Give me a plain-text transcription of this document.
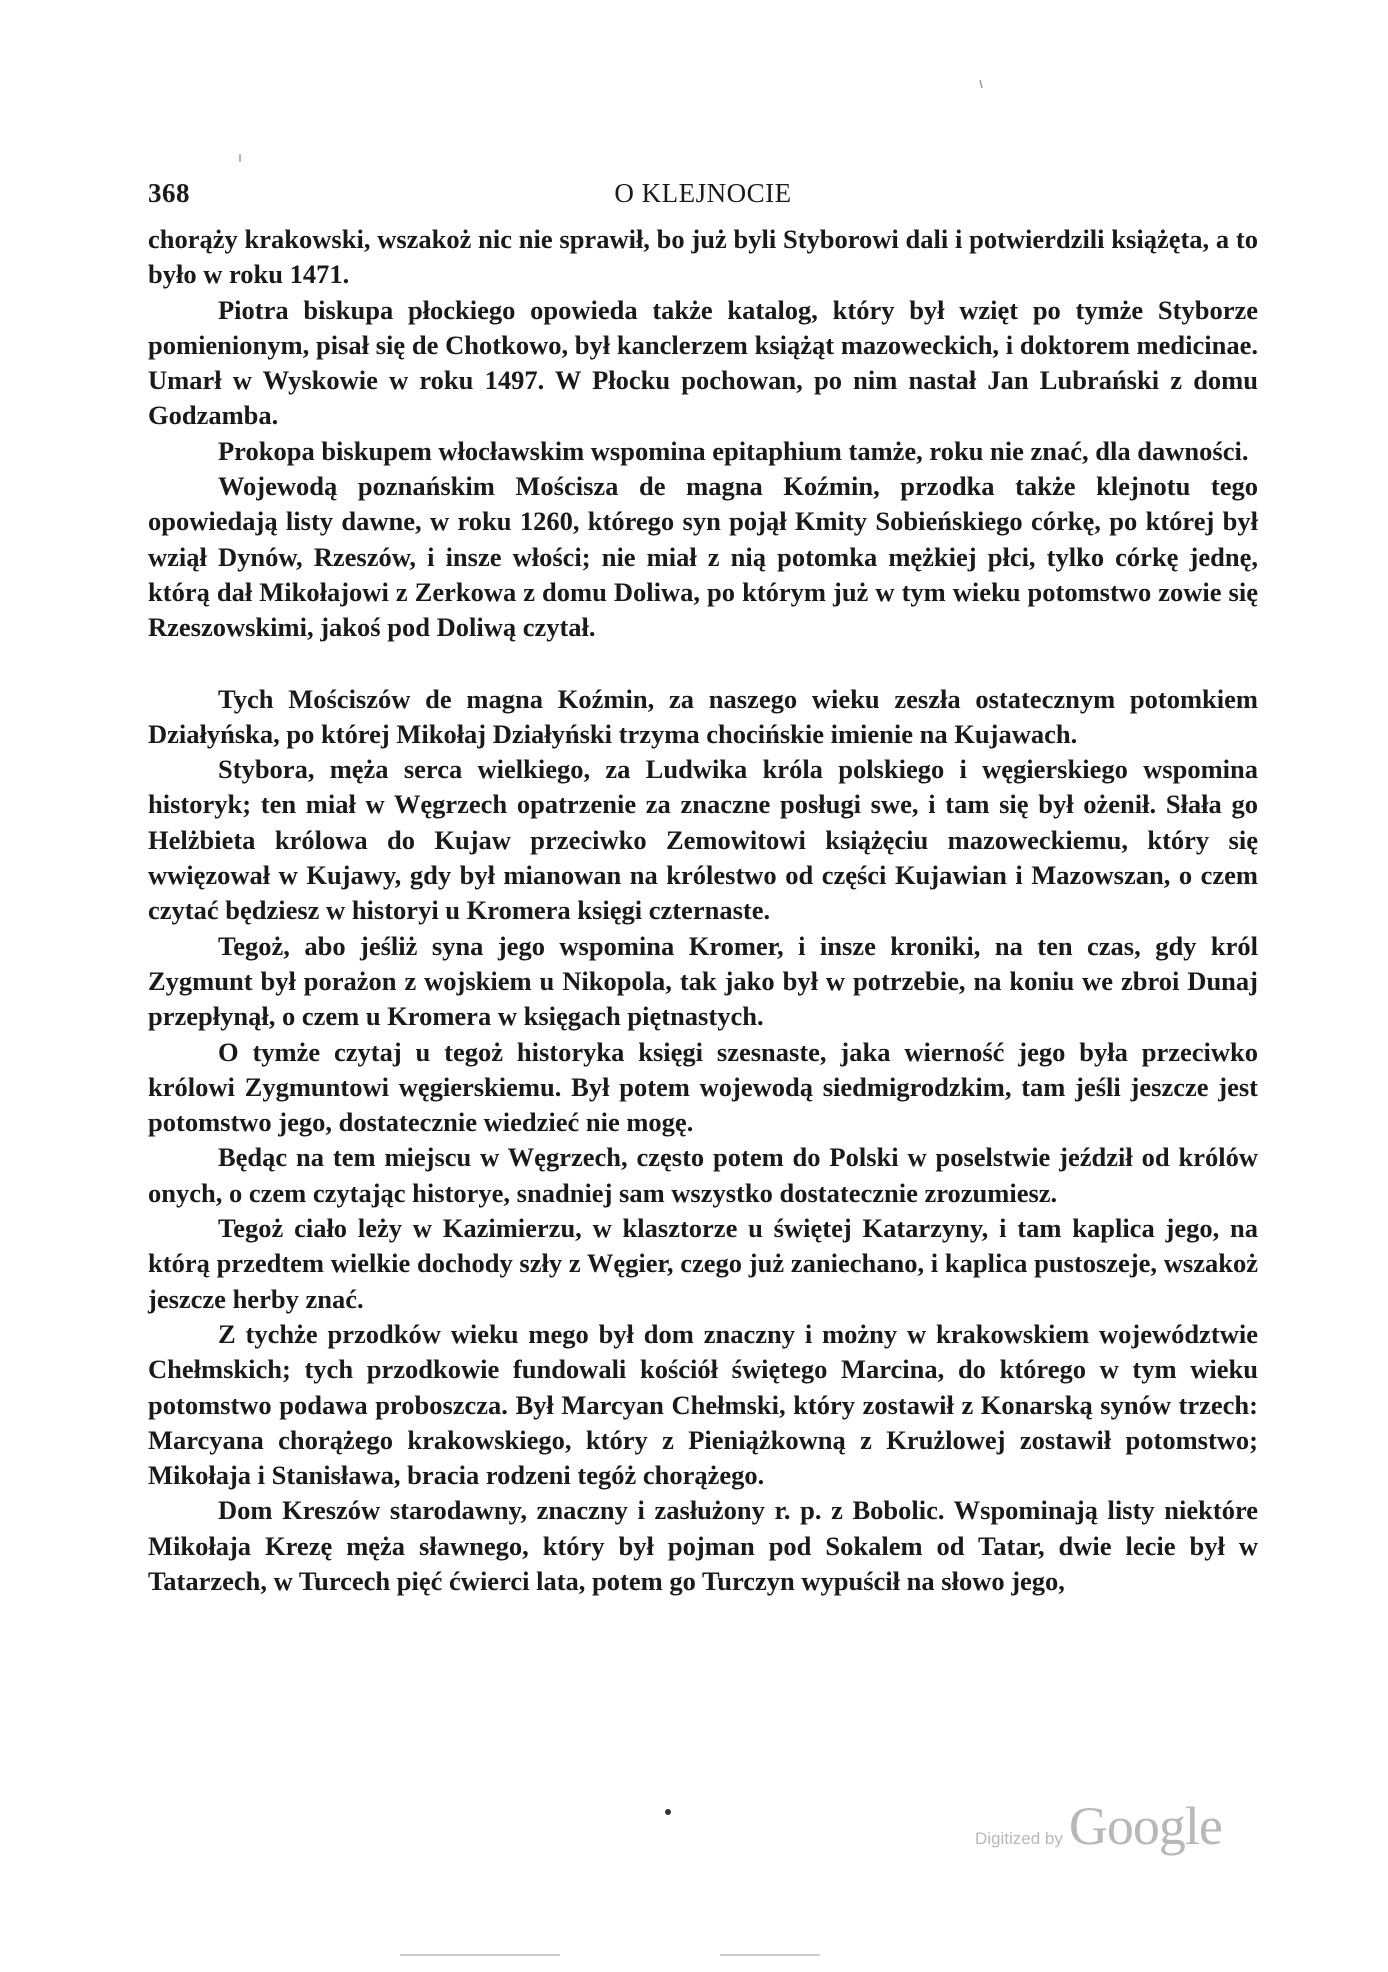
O KLEJNOCIE
368

chorąży krakowski, wszakoż nic nie sprawił, bo już byli Styborowi dali i potwierdzili książęta, a to było w roku 1471.

Piotra biskupa płockiego opowieda także katalog, który był wzięt po tymże Styborze pomienionym, pisał się de Chotkowo, był kanclerzem książąt mazoweckich, i doktorem medicinae. Umarł w Wyskowie w roku 1497. W Płocku pochowan, po nim nastał Jan Lubrański z domu Godzamba.

Prokopa biskupem włocławskim wspomina epitaphium tamże, roku nie znać, dla dawności.

Wojewodą poznańskim Mościsza de magna Koźmin, przodka także klejnotu tego opowiedają listy dawne, w roku 1260, którego syn pojął Kmity Sobieńskiego córkę, po której był wziął Dynów, Rzeszów, i insze włości; nie miał z nią potomka mężkiej płci, tylko córkę jednę, którą dał Mikołajowi z Zerkowa z domu Doliwa, po którym już w tym wieku potomstwo zowie się Rzeszowskimi, jakoś pod Doliwą czytał.

Tych Mościszów de magna Koźmin, za naszego wieku zeszła ostatecznym potomkiem Działyńska, po której Mikołaj Działyński trzyma chocińskie imienie na Kujawach.

Stybora, męża serca wielkiego, za Ludwika króla polskiego i węgierskiego wspomina historyk; ten miał w Węgrzech opatrzenie za znaczne posługi swe, i tam się był ożenił. Słała go Helżbieta królowa do Kujaw przeciwko Zemowitowi książęciu mazoweckiemu, który się wwięzował w Kujawy, gdy był mianowan na królestwo od części Kujawian i Mazowszan, o czem czytać będziesz w historyi u Kromera księgi czternaste.

Tegoż, abo jeśliż syna jego wspomina Kromer, i insze kroniki, na ten czas, gdy król Zygmunt był porażon z wojskiem u Nikopola, tak jako był w potrzebie, na koniu we zbroi Dunaj przepłynął, o czem u Kromera w księgach piętnastych.

O tymże czytaj u tegoż historyka księgi szesnaste, jaka wierność jego była przeciwko królowi Zygmuntowi węgierskiemu. Był potem wojewodą siedmigrodzkim, tam jeśli jeszcze jest potomstwo jego, dostatecznie wiedzieć nie mogę.

Będąc na tem miejscu w Węgrzech, często potem do Polski w poselstwie jeździł od królów onych, o czem czytając historye, snadniej sam wszystko dostatecznie zrozumiesz.

Tegoż ciało leży w Kazimierzu, w klasztorze u świętej Katarzyny, i tam kaplica jego, na którą przedtem wielkie dochody szły z Węgier, czego już zaniechano, i kaplica pustoszeje, wszakoż jeszcze herby znać.

Z tychże przodków wieku mego był dom znaczny i możny w krakowskiem województwie Chełmskich; tych przodkowie fundowali kościół świętego Marcina, do którego w tym wieku potomstwo podawa proboszcza. Był Marcyan Chełmski, który zostawił z Konarską synów trzech: Marcyana chorążego krakowskiego, który z Pieniążkowną z Krużlowej zostawił potomstwo; Mikołaja i Stanisława, bracia rodzeni tegóż chorążego.

Dom Kreszów starodawny, znaczny i zasłużony r. p. z Bobolic. Wspominają listy niektóre Mikołaja Krezę męża sławnego, który był pojman pod Sokalem od Tatar, dwie lecie był w Tatarzech, w Turcech pięć ćwierci lata, potem go Turczyn wypuścił na słowo jego,

Digitized by Google
